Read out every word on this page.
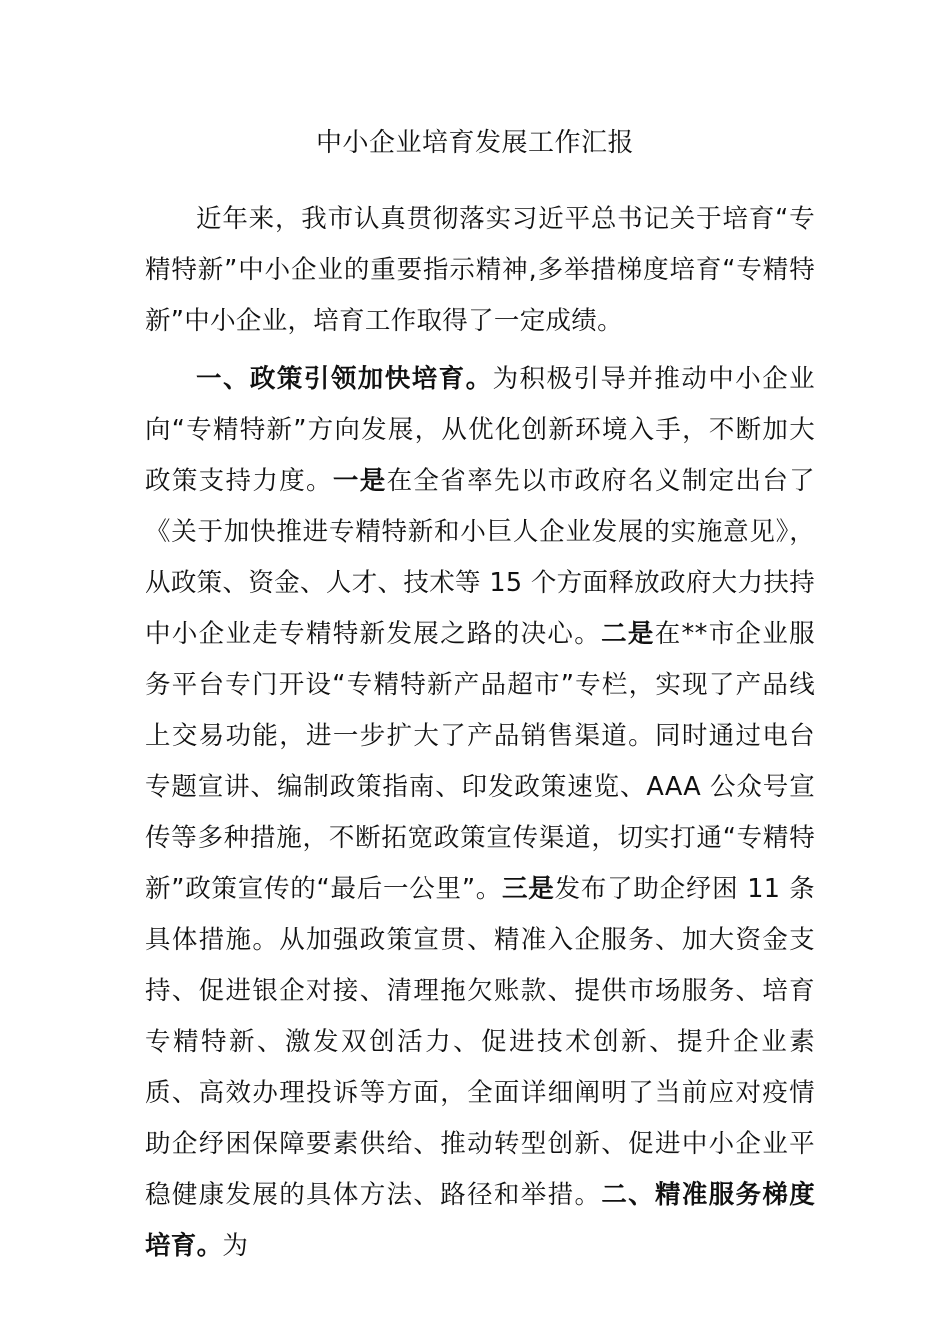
中小企业培育发展工作汇报

近年来，我市认真贯彻落实习近平总书记关于培育“专精特新”中小企业的重要指示精神,多举措梯度培育“专精特新”中小企业，培育工作取得了一定成绩。

一、政策引领加快培育。为积极引导并推动中小企业向“专精特新”方向发展，从优化创新环境入手，不断加大政策支持力度。一是在全省率先以市政府名义制定出台了《关于加快推进专精特新和小巨人企业发展的实施意见》，从政策、资金、人才、技术等 15 个方面释放政府大力扶持中小企业走专精特新发展之路的决心。二是在**市企业服务平台专门开设“专精特新产品超市”专栏，实现了产品线上交易功能，进一步扩大了产品销售渠道。同时通过电台专题宣讲、编制政策指南、印发政策速览、AAA 公众号宣传等多种措施，不断拓宽政策宣传渠道，切实打通“专精特新”政策宣传的“最后一公里”。三是发布了助企纾困 11 条具体措施。从加强政策宣贯、精准入企服务、加大资金支持、促进银企对接、清理拖欠账款、提供市场服务、培育专精特新、激发双创活力、促进技术创新、提升企业素质、高效办理投诉等方面，全面详细阐明了当前应对疫情助企纾困保障要素供给、推动转型创新、促进中小企业平稳健康发展的具体方法、路径和举措。二、精准服务梯度培育。为
